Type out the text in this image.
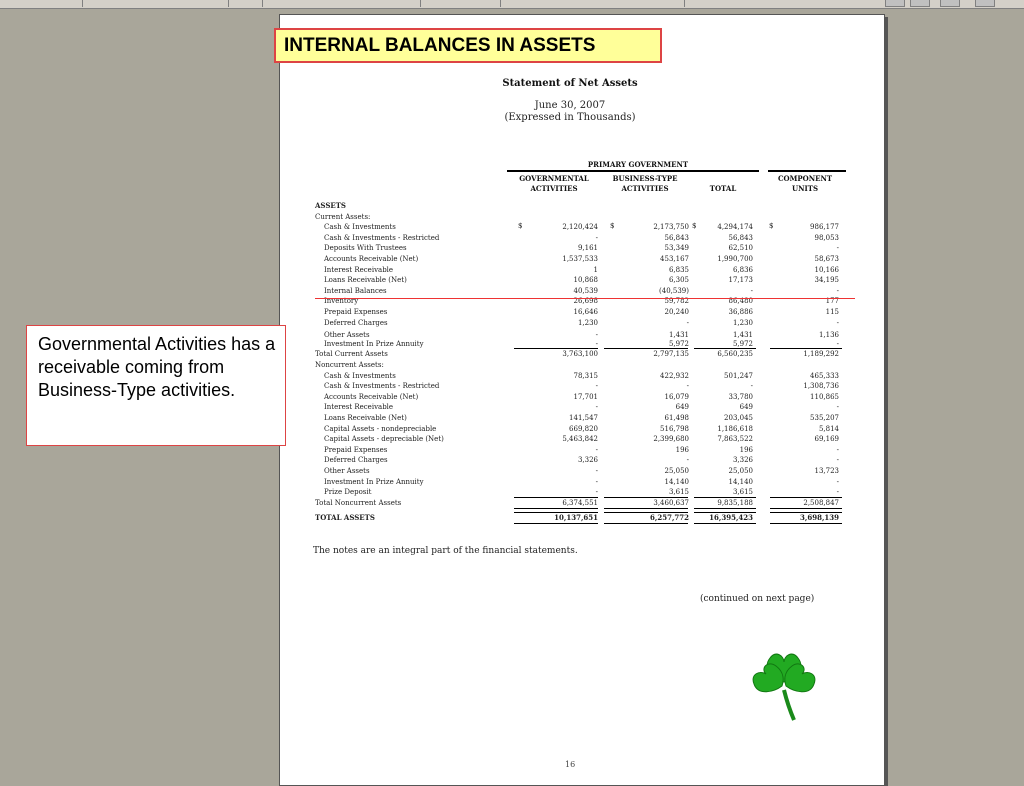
INTERNAL BALANCES IN ASSETS
Governmental Activities has a receivable coming from Business-Type activities.
Statement of Net Assets
June 30, 2007
(Expressed in Thousands)
PRIMARY GOVERNMENT
GOVERNMENTAL ACTIVITIES
BUSINESS-TYPE ACTIVITIES	TOTAL
COMPONENT UNITS
ASSETS
Current Assets:
Cash & Investments	2,120,424	2,173,750	4,294,174	986,177
$	$	$	$
Cash & Investments - Restricted	-	56,843	56,843	98,053
Deposits With Trustees	9,161	53,349	62,510	-
Accounts Receivable (Net)	1,537,533	453,167	1,990,700	58,673
Interest Receivable	1	6,835	6,836	10,166
Loans Receivable (Net)	10,868	6,305	17,173	34,195
Internal Balances	40,539	(40,539)	-	-
Inventory	26,698	59,782	86,480	177
Prepaid Expenses	16,646	20,240	36,886	115
Deferred Charges	1,230	-	1,230	-
Other Assets	-	1,431	1,431	1,136
Investment In Prize Annuity	-	5,972	5,972	-
Total Current Assets	3,763,100	2,797,135	6,560,235	1,189,292
Noncurrent Assets:
Cash & Investments	78,315	422,932	501,247	465,333
Cash & Investments - Restricted	-	-	-	1,308,736
Accounts Receivable (Net)	17,701	16,079	33,780	110,865
Interest Receivable	-	649	649	-
Loans Receivable (Net)	141,547	61,498	203,045	535,207
Capital Assets - nondepreciable	669,820	516,798	1,186,618	5,814
Capital Assets - depreciable (Net)	5,463,842	2,399,680	7,863,522	69,169
Prepaid Expenses	-	196	196	-
Deferred Charges	3,326	-	3,326	-
Other Assets	-	25,050	25,050	13,723
Investment In Prize Annuity	-	14,140	14,140	-
Prize Deposit	-	3,615	3,615	-
Total Noncurrent Assets	6,374,551	3,460,637	9,835,188	2,508,847
TOTAL ASSETS	10,137,651	6,257,772	16,395,423	3,698,139
The notes are an integral part of the financial statements.
(continued on next page)
16
